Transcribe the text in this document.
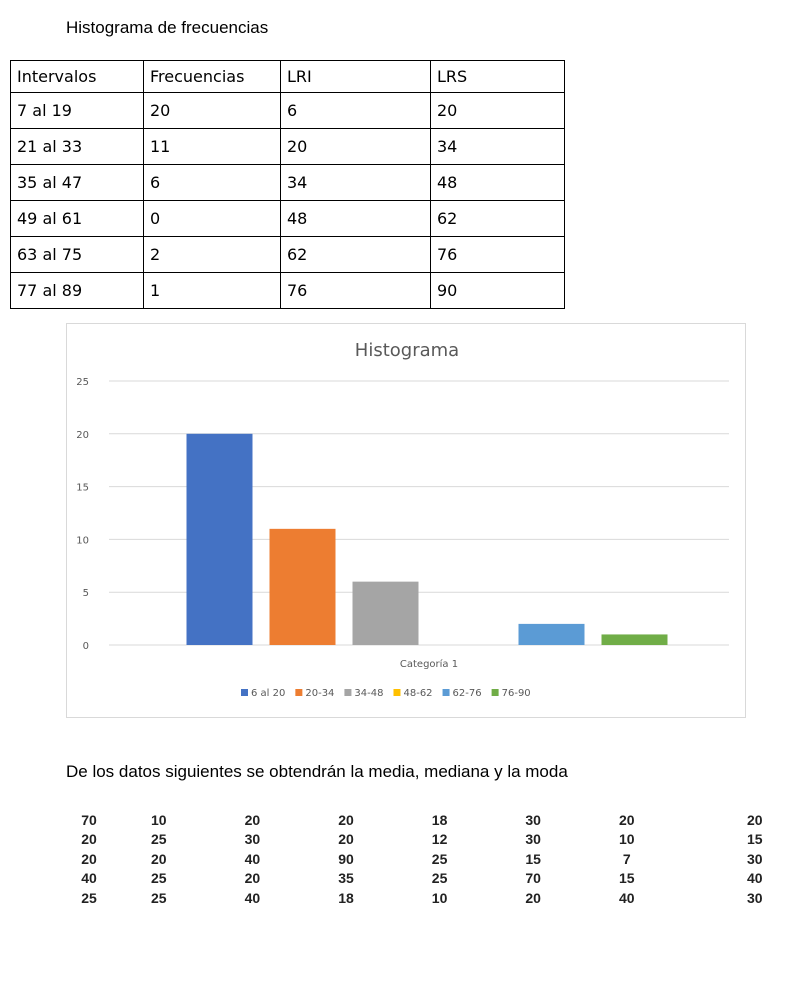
Histograma de frecuencias
Intervalos	Frecuencias	LRI	LRS
7 al 19	20	6	20
21 al 33	11	20	34
35 al 47	6	34	48
49 al 61	0	48	62
63 al 75	2	62	76
77 al 89	1	76	90
Histograma
0
5
10
15
20
25
Categoría 1
6 al 20 20-34 34-48 48-62 62-76 76-90
De los datos siguientes se obtendrán la media, mediana y la moda
70	10	20	20	18	30	20	20
20	25	30	20	12	30	10	15
20	20	40	90	25	15	7	30
40	25	20	35	25	70	15	40
25	25	40	18	10	20	40	30
